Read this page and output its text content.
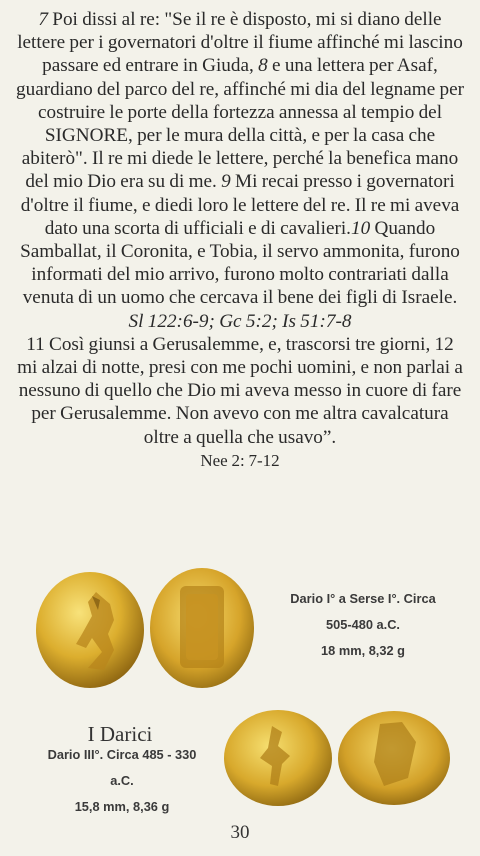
7 Poi dissi al re: "Se il re è disposto, mi si diano delle lettere per i governatori d'oltre il fiume affinché mi lascino passare ed entrare in Giuda, 8 e una lettera per Asaf, guardiano del parco del re, affinché mi dia del legname per costruire le porte della fortezza annessa al tempio del SIGNORE, per le mura della città, e per la casa che abiterò". Il re mi diede le lettere, perché la benefica mano del mio Dio era su di me. 9 Mi recai presso i governatori d'oltre il fiume, e diedi loro le lettere del re. Il re mi aveva dato una scorta di ufficiali e di cavalieri.10 Quando Samballat, il Coronita, e Tobia, il servo ammonita, furono informati del mio arrivo, furono molto contrariati dalla venuta di un uomo che cercava il bene dei figli di Israele.

Sl 122:6-9; Gc 5:2; Is 51:7-8

11 Così giunsi a Gerusalemme, e, trascorsi tre giorni, 12 mi alzai di notte, presi con me pochi uomini, e non parlai a nessuno di quello che Dio mi aveva messo in cuore di fare per Gerusalemme. Non avevo con me altra cavalcatura oltre a quella che usavo”.

Nee 2: 7-12

Dario I° a Serse I°. Circa
505-480 a.C.
18 mm, 8,32 g
I Darici
Dario III°. Circa 485 - 330
a.C.
15,8 mm, 8,36 g
30
